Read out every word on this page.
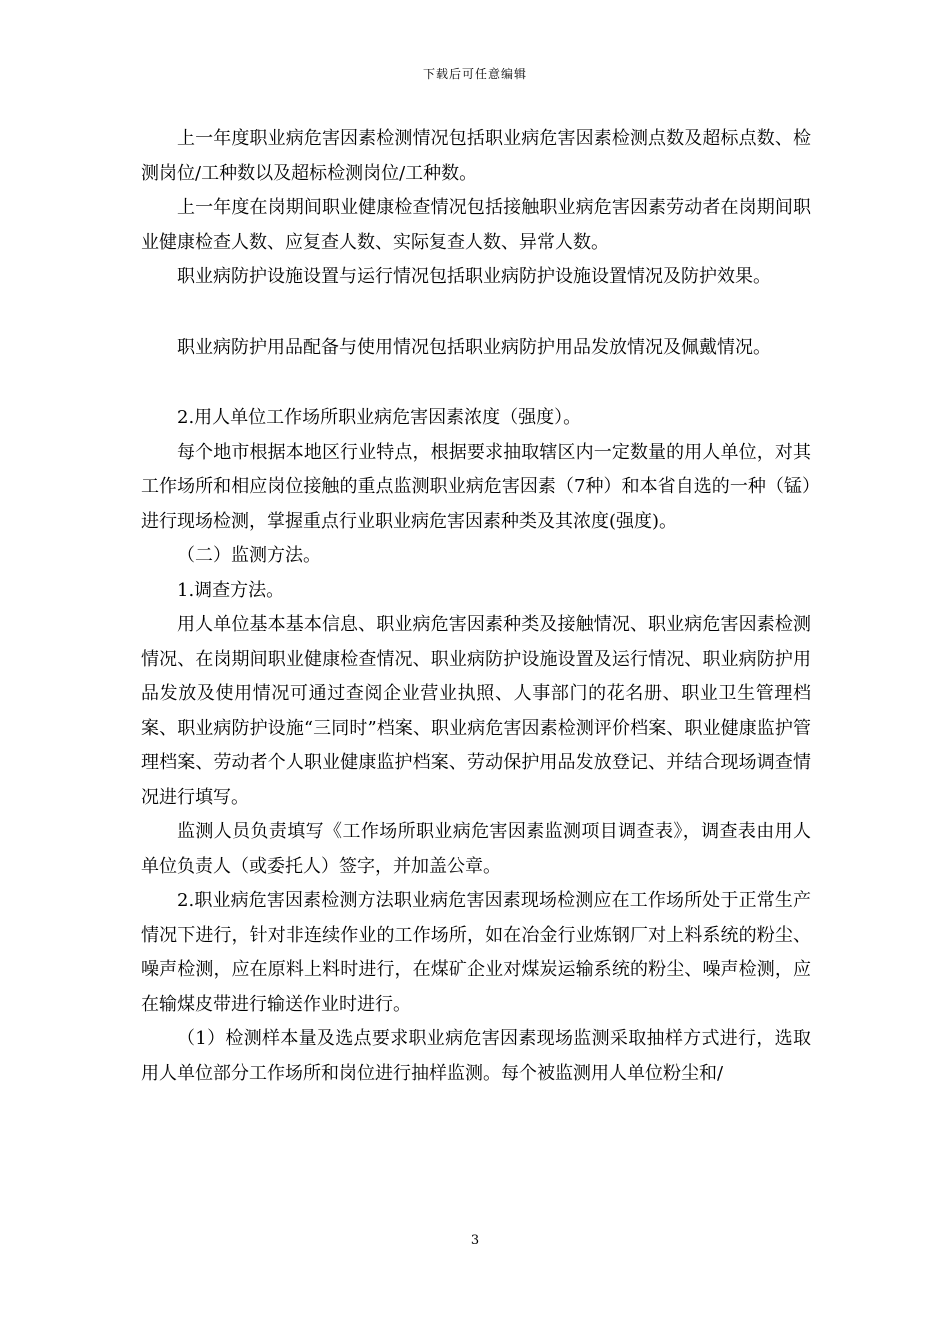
下载后可任意编辑

上一年度职业病危害因素检测情况包括职业病危害因素检测点数及超标点数、检测岗位/工种数以及超标检测岗位/工种数。

上一年度在岗期间职业健康检查情况包括接触职业病危害因素劳动者在岗期间职业健康检查人数、应复查人数、实际复查人数、异常人数。

职业病防护设施设置与运行情况包括职业病防护设施设置情况及防护效果。

职业病防护用品配备与使用情况包括职业病防护用品发放情况及佩戴情况。

2.用人单位工作场所职业病危害因素浓度（强度）。

每个地市根据本地区行业特点，根据要求抽取辖区内一定数量的用人单位，对其工作场所和相应岗位接触的重点监测职业病危害因素（7种）和本省自选的一种（锰）进行现场检测，掌握重点行业职业病危害因素种类及其浓度(强度)。

（二）监测方法。

1.调查方法。

用人单位基本基本信息、职业病危害因素种类及接触情况、职业病危害因素检测情况、在岗期间职业健康检查情况、职业病防护设施设置及运行情况、职业病防护用品发放及使用情况可通过查阅企业营业执照、人事部门的花名册、职业卫生管理档案、职业病防护设施“三同时”档案、职业病危害因素检测评价档案、职业健康监护管理档案、劳动者个人职业健康监护档案、劳动保护用品发放登记、并结合现场调查情况进行填写。

监测人员负责填写《工作场所职业病危害因素监测项目调查表》，调查表由用人单位负责人（或委托人）签字，并加盖公章。

2.职业病危害因素检测方法职业病危害因素现场检测应在工作场所处于正常生产情况下进行，针对非连续作业的工作场所，如在冶金行业炼钢厂对上料系统的粉尘、噪声检测，应在原料上料时进行，在煤矿企业对煤炭运输系统的粉尘、噪声检测，应在输煤皮带进行输送作业时进行。

（1）检测样本量及选点要求职业病危害因素现场监测采取抽样方式进行，选取用人单位部分工作场所和岗位进行抽样监测。每个被监测用人单位粉尘和/

3
